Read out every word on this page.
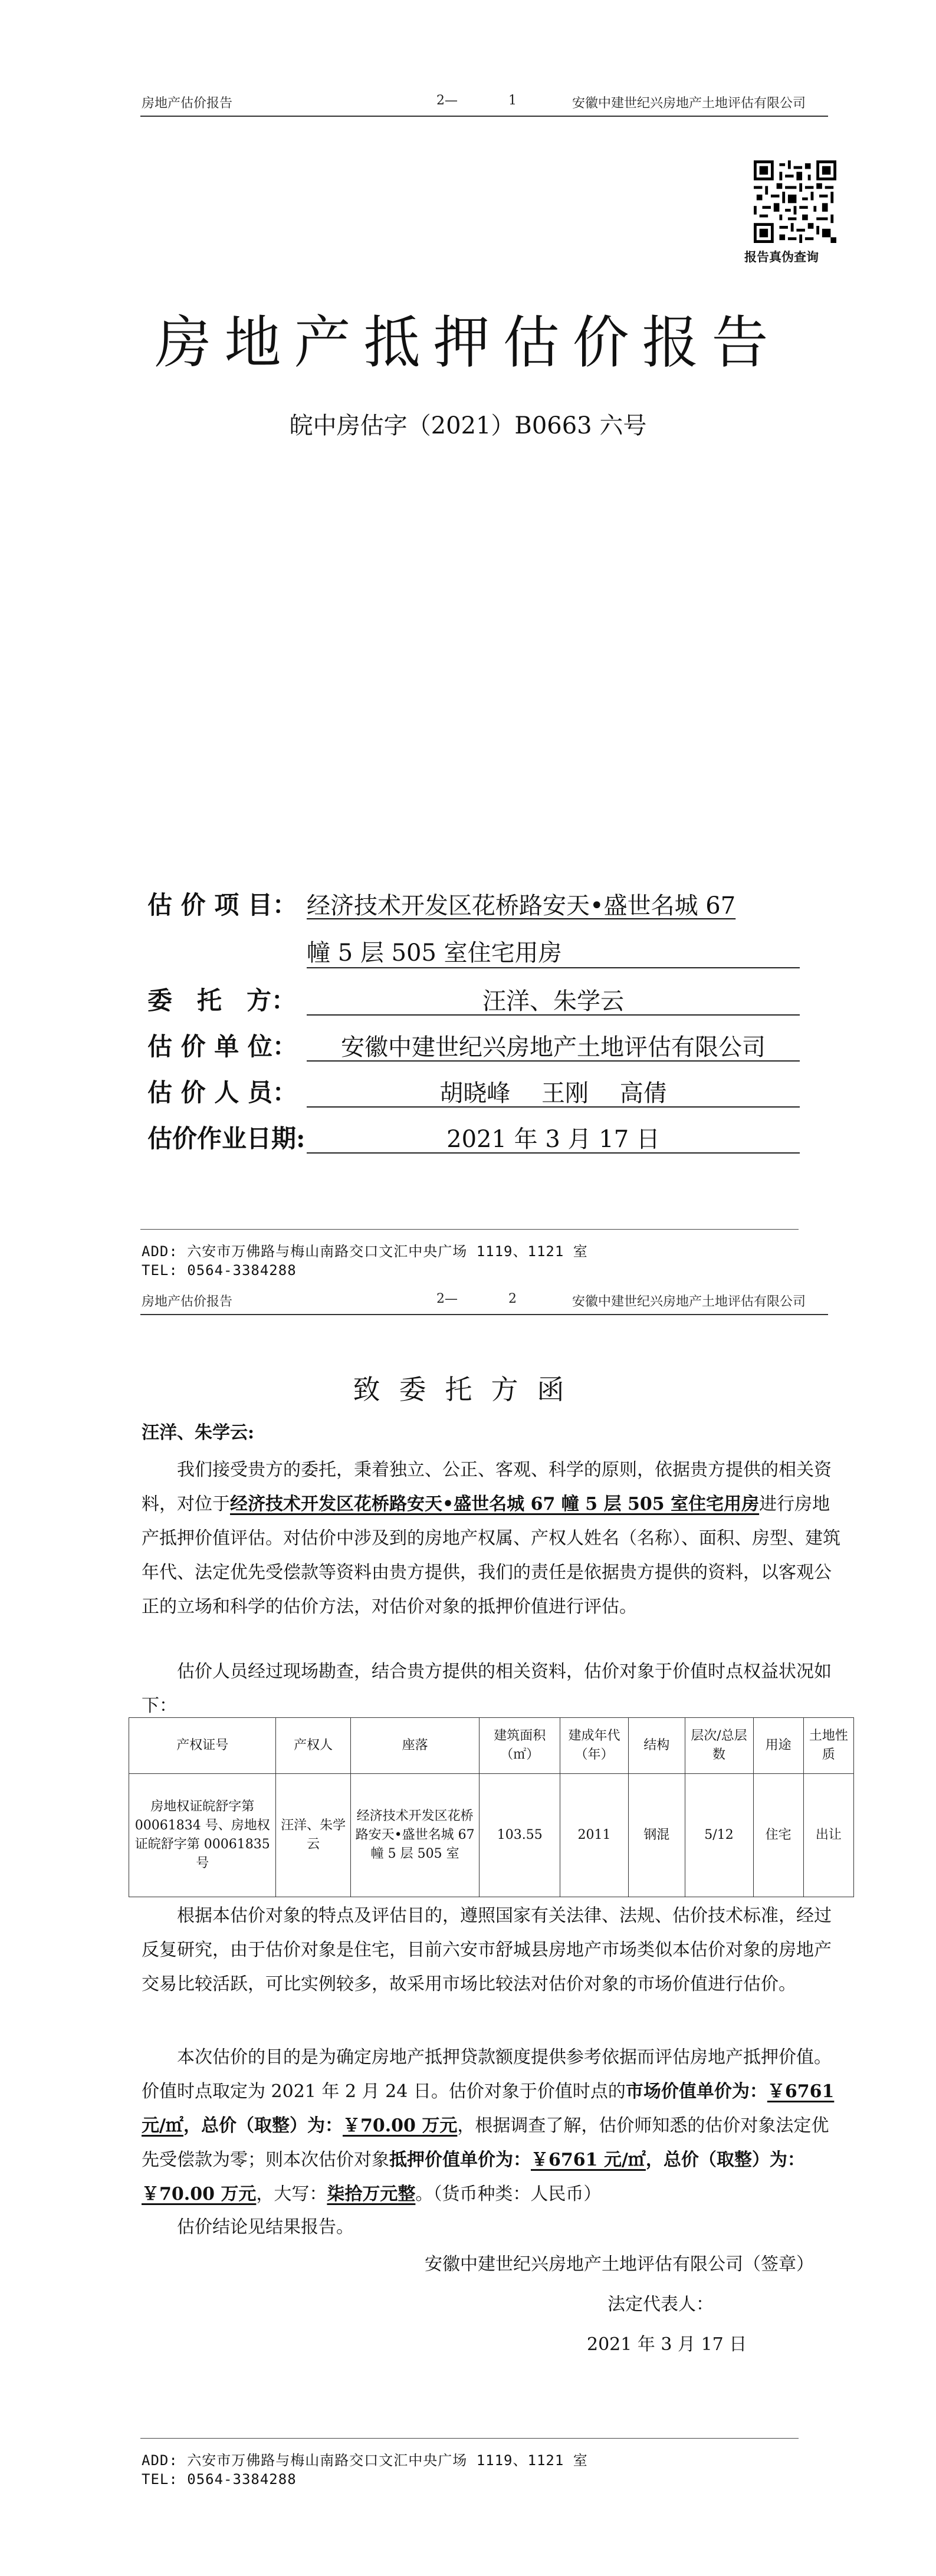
房地产估价报告	2—	1	安徽中建世纪兴房地产土地评估有限公司
报告真伪查询
房地产抵押估价报告
皖中房估字（2021）B0663 六号
估 价 项 目： 经济技术开发区花桥路安天•盛世名城 67
幢 5 层 505 室住宅用房
委　托　方：	汪洋、朱学云
估 价 单 位：	安徽中建世纪兴房地产土地评估有限公司
估 价 人 员：	胡晓峰　 王刚　 高倩
估价作业日期:	2021 年 3 月 17 日
ADD: 六安市万佛路与梅山南路交口文汇中央广场 1119、1121 室
TEL: 0564-3384288
房地产估价报告	2—	2	安徽中建世纪兴房地产土地评估有限公司
致委托方函
汪洋、朱学云:

我们接受贵方的委托，秉着独立、公正、客观、科学的原则，依据贵方提供的相关资料，对位于经济技术开发区花桥路安天•盛世名城 67 幢 5 层 505 室住宅用房进行房地产抵押价值评估。对估价中涉及到的房地产权属、产权人姓名（名称）、面积、房型、建筑年代、法定优先受偿款等资料由贵方提供，我们的责任是依据贵方提供的资料，以客观公正的立场和科学的估价方法，对估价对象的抵押价值进行评估。

估价人员经过现场勘查，结合贵方提供的相关资料，估价对象于价值时点权益状况如下：

产权证号	产权人	座落	建筑面积（㎡）	建成年代（年）	结构	层次/总层数	用途	土地性质
房地权证皖舒字第 00061834 号、房地权证皖舒字第 00061835 号	汪洋、朱学云	经济技术开发区花桥路安天•盛世名城 67 幢 5 层 505 室	103.55	2011	钢混	5/12	住宅	出让

根据本估价对象的特点及评估目的，遵照国家有关法律、法规、估价技术标准，经过反复研究，由于估价对象是住宅，目前六安市舒城县房地产市场类似本估价对象的房地产交易比较活跃，可比实例较多，故采用市场比较法对估价对象的市场价值进行估价。

本次估价的目的是为确定房地产抵押贷款额度提供参考依据而评估房地产抵押价值。价值时点取定为 2021 年 2 月 24 日。估价对象于价值时点的市场价值单价为：￥6761 元/㎡，总价（取整）为：￥70.00 万元，根据调查了解，估价师知悉的估价对象法定优先受偿款为零；则本次估价对象抵押价值单价为：￥6761 元/㎡，总价（取整）为：￥70.00 万元，大写：柒拾万元整。（货币种类：人民币）

估价结论见结果报告。

安徽中建世纪兴房地产土地评估有限公司（签章）
法定代表人：
2021 年 3 月 17 日
ADD: 六安市万佛路与梅山南路交口文汇中央广场 1119、1121 室
TEL: 0564-3384288
